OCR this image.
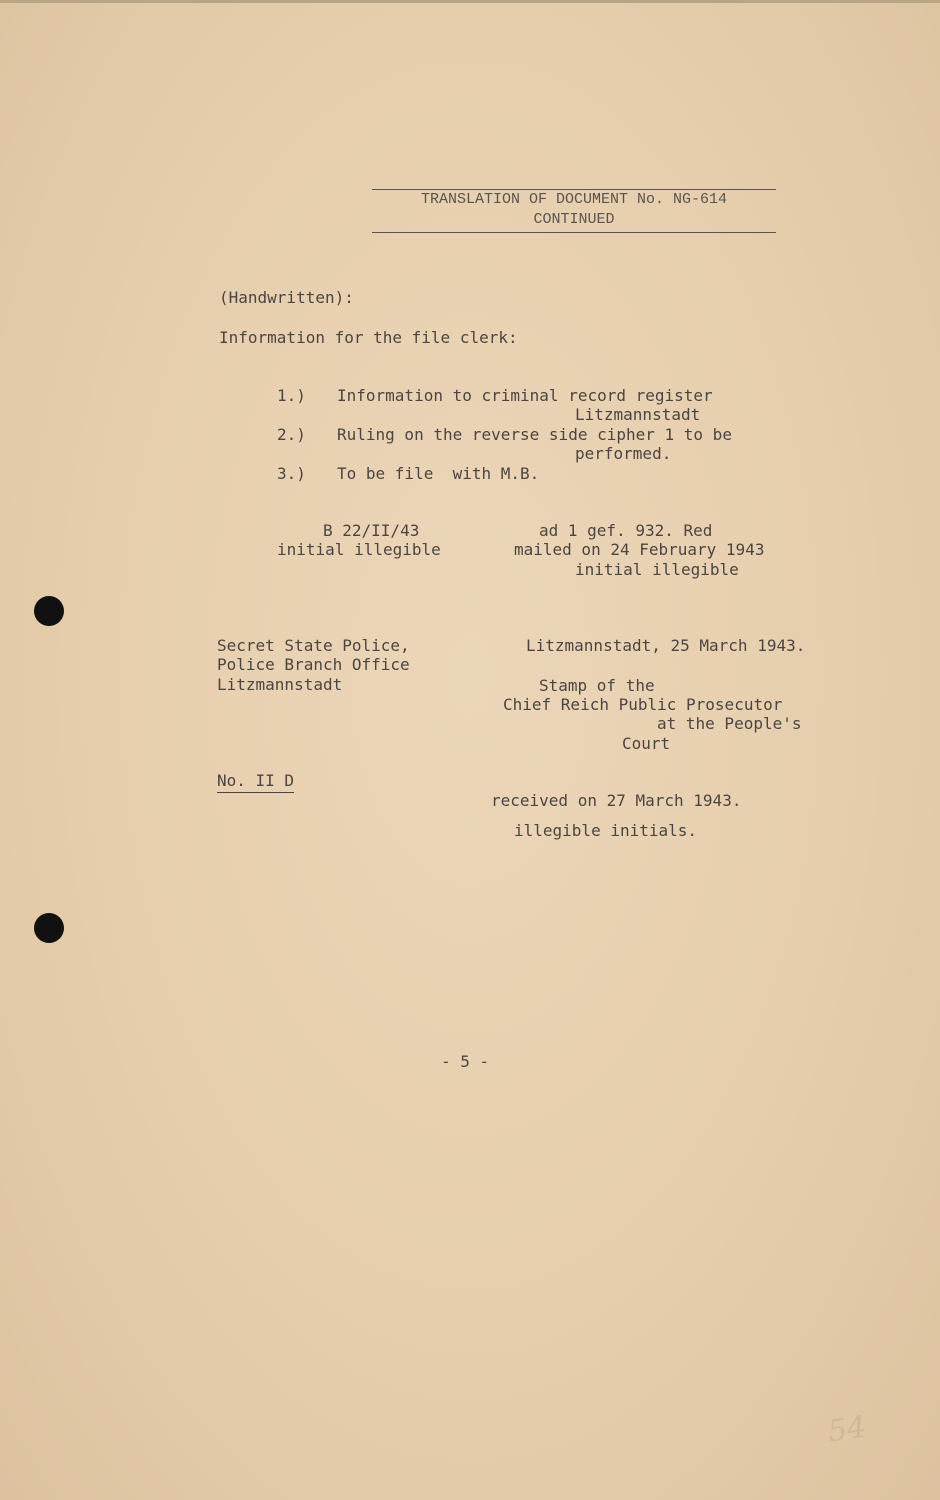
TRANSLATION OF DOCUMENT No. NG-614
CONTINUED
(Handwritten):
Information for the file clerk:
1.) Information to criminal record register
Litzmannstadt
2.) Ruling on the reverse side cipher 1 to be
performed.
3.) To be file  with M.B.
B 22/II/43
initial illegible
ad 1 gef. 932. Red
mailed on 24 February 1943
initial illegible
Secret State Police,
Police Branch Office
Litzmannstadt
Litzmannstadt, 25 March 1943.
Stamp of the
Chief Reich Public Prosecutor
at the People's
Court
No. II D
received on 27 March 1943.
illegible initials.
- 5 -
54
